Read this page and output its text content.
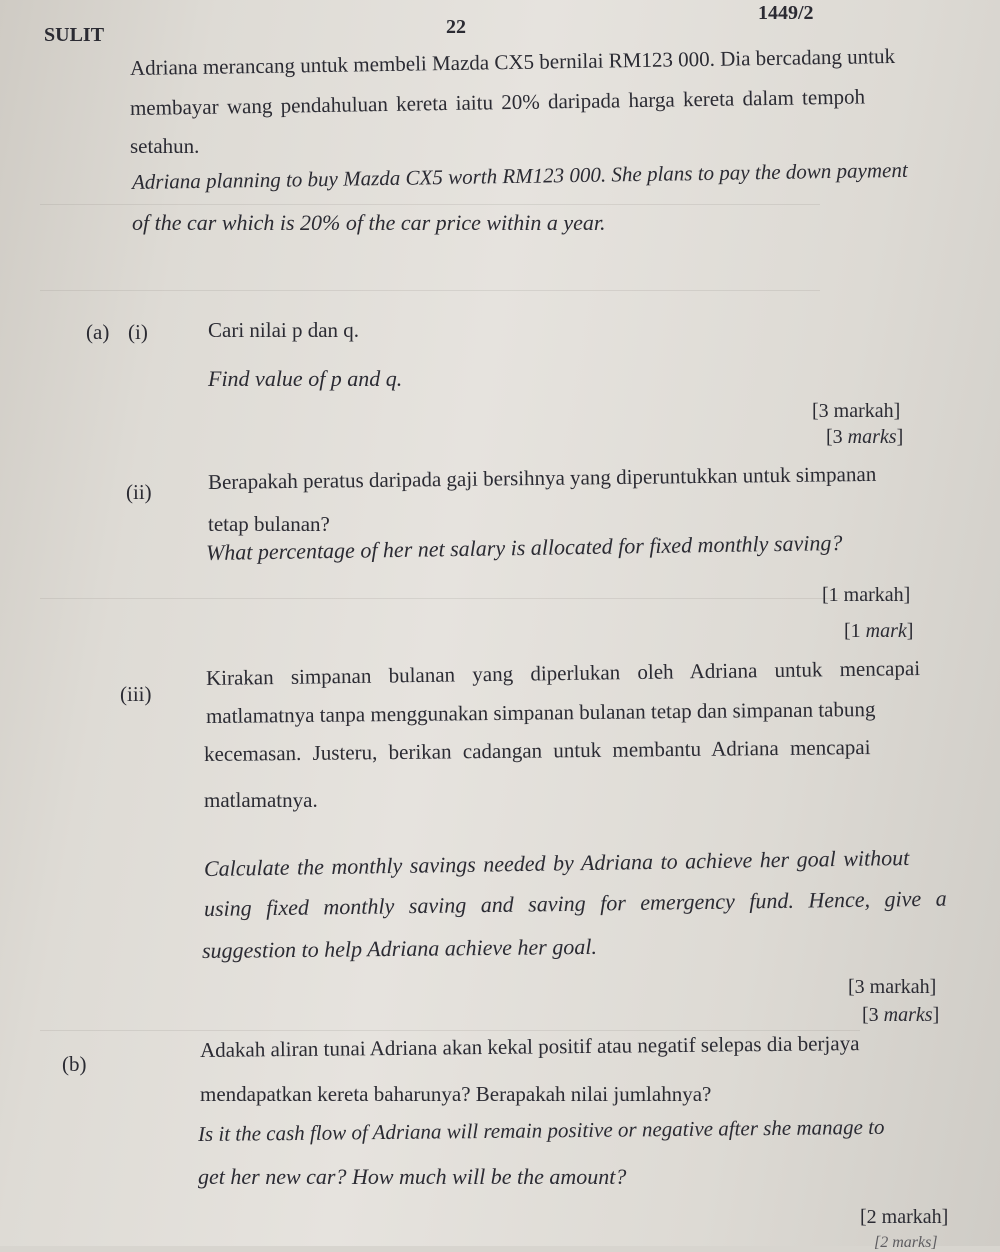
SULIT	22
1449/2
Adriana merancang untuk membeli Mazda CX5 bernilai RM123 000. Dia bercadang untuk
membayar wang pendahuluan kereta iaitu 20% daripada harga kereta dalam tempoh
setahun.
Adriana planning to buy Mazda CX5 worth RM123 000. She plans to pay the down payment
of the car which is 20% of the car price within a year.
(a) (i)	Cari nilai p dan q.
Find value of p and q.
[3 markah]
[3 marks]
(ii)	Berapakah peratus daripada gaji bersihnya yang diperuntukkan untuk simpanan
tetap bulanan?
What percentage of her net salary is allocated for fixed monthly saving?
[1 markah]
[1 mark]
(iii)
Kirakan simpanan bulanan yang diperlukan oleh Adriana untuk mencapai
matlamatnya tanpa menggunakan simpanan bulanan tetap dan simpanan tabung
kecemasan. Justeru, berikan cadangan untuk membantu Adriana mencapai
matlamatnya.
Calculate the monthly savings needed by Adriana to achieve her goal without
using fixed monthly saving and saving for emergency fund. Hence, give a
suggestion to help Adriana achieve her goal.
[3 markah]
[3 marks]
(b)
Adakah aliran tunai Adriana akan kekal positif atau negatif selepas dia berjaya
mendapatkan kereta baharunya? Berapakah nilai jumlahnya?
Is it the cash flow of Adriana will remain positive or negative after she manage to
get her new car? How much will be the amount?
[2 markah]
[2 marks]
